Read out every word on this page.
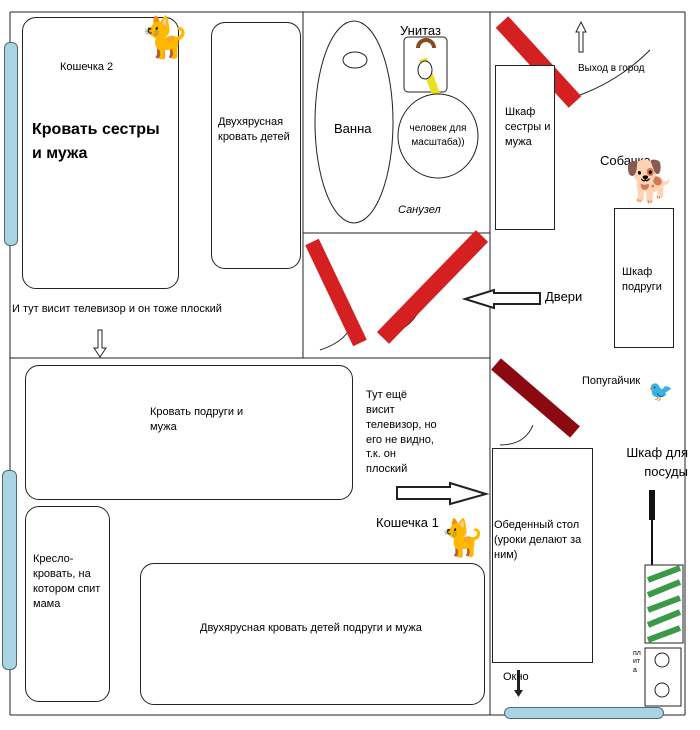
Кошечка 2
🐈
Кровать сестры и мужа
Двухярусная кровать детей
Ванна
Унитаз
человек для масштаба))
Санузел
Шкаф сестры и мужа
Выход в город
Собачка
🐕
Шкаф подруги
И тут висит телевизор и он тоже плоский
Двери
Кровать подруги и мужа
Тут ещё висит телевизор, но его не видно, т.к. он плоский
Попугайчик 🐦
Шкаф для посуды
Кошечка 1 🐈 Обеденный стол (уроки делают за ним)
Кресло-кровать, на котором спит мама
Двухярусная кровать детей подруги и мужа
Окно
плита
